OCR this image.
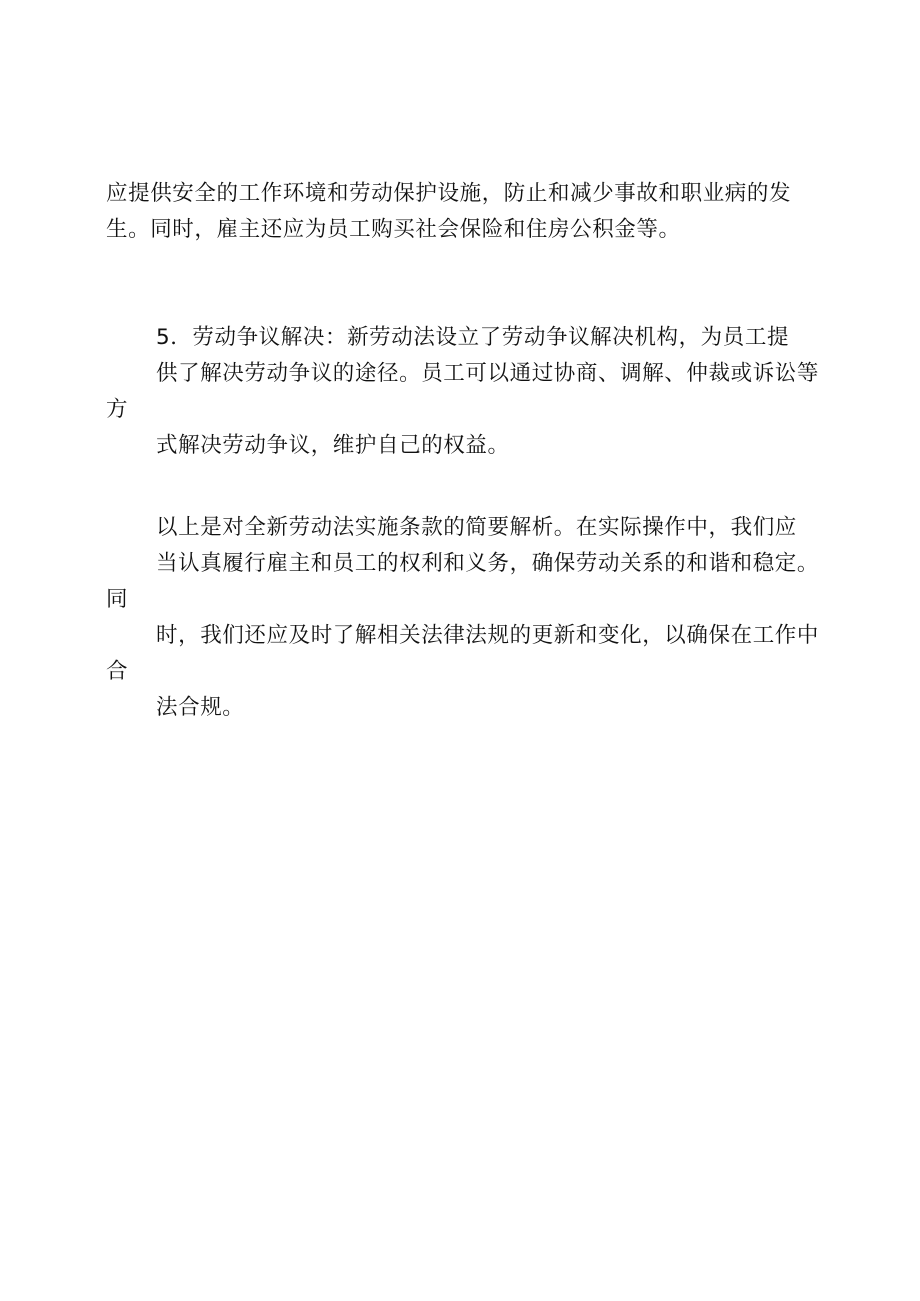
应提供安全的工作环境和劳动保护设施，防止和减少事故和职业病的发
生。同时，雇主还应为员工购买社会保险和住房公积金等。

5．劳动争议解决：新劳动法设立了劳动争议解决机构，为员工提
供了解决劳动争议的途径。员工可以通过协商、调解、仲裁或诉讼等方
式解决劳动争议，维护自己的权益。

以上是对全新劳动法实施条款的简要解析。在实际操作中，我们应
当认真履行雇主和员工的权利和义务，确保劳动关系的和谐和稳定。同
时，我们还应及时了解相关法律法规的更新和变化，以确保在工作中合
法合规。
